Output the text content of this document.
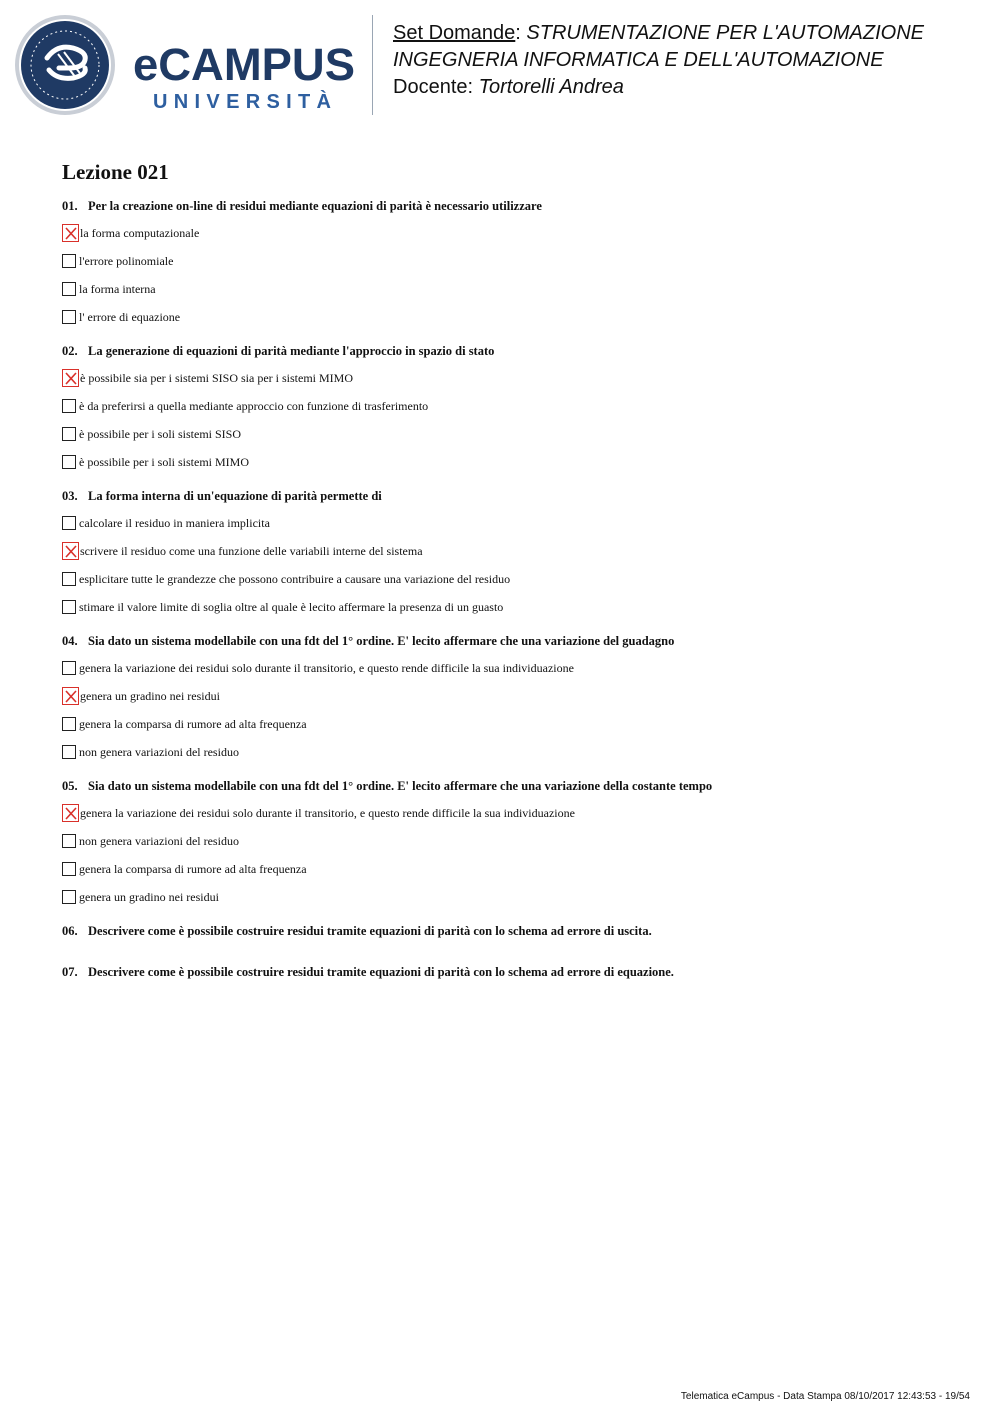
eCAMPUS
UNIVERSITÀ
Set Domande: STRUMENTAZIONE PER L'AUTOMAZIONE
INGEGNERIA INFORMATICA E DELL'AUTOMAZIONE
Docente: Tortorelli Andrea
Lezione 021
01. Per la creazione on-line di residui mediante equazioni di parità è necessario utilizzare
la forma computazionale
l'errore polinomiale
la forma interna
l' errore di equazione
02. La generazione di equazioni di parità mediante l'approccio in spazio di stato
è possibile sia per i sistemi SISO sia per i sistemi MIMO
è da preferirsi a quella mediante approccio con funzione di trasferimento
è possibile per i soli sistemi SISO
è possibile per i soli sistemi MIMO
03. La forma interna di un'equazione di parità permette di
calcolare il residuo in maniera implicita
scrivere il residuo come una funzione delle variabili interne del sistema
esplicitare tutte le grandezze che possono contribuire a causare una variazione del residuo
stimare il valore limite di soglia oltre al quale è lecito affermare la presenza di un guasto
04. Sia dato un sistema modellabile con una fdt del 1° ordine. E' lecito affermare che una variazione del guadagno
genera la variazione dei residui solo durante il transitorio, e questo rende difficile la sua individuazione
genera un gradino nei residui
genera la comparsa di rumore ad alta frequenza
non genera variazioni del residuo
05. Sia dato un sistema modellabile con una fdt del 1° ordine. E' lecito affermare che una variazione della costante tempo
genera la variazione dei residui solo durante il transitorio, e questo rende difficile la sua individuazione
non genera variazioni del residuo
genera la comparsa di rumore ad alta frequenza
genera un gradino nei residui
06. Descrivere come è possibile costruire residui tramite equazioni di parità con lo schema ad errore di uscita.
07. Descrivere come è possibile costruire residui tramite equazioni di parità con lo schema ad errore di equazione.
Telematica eCampus - Data Stampa 08/10/2017 12:43:53 - 19/54
